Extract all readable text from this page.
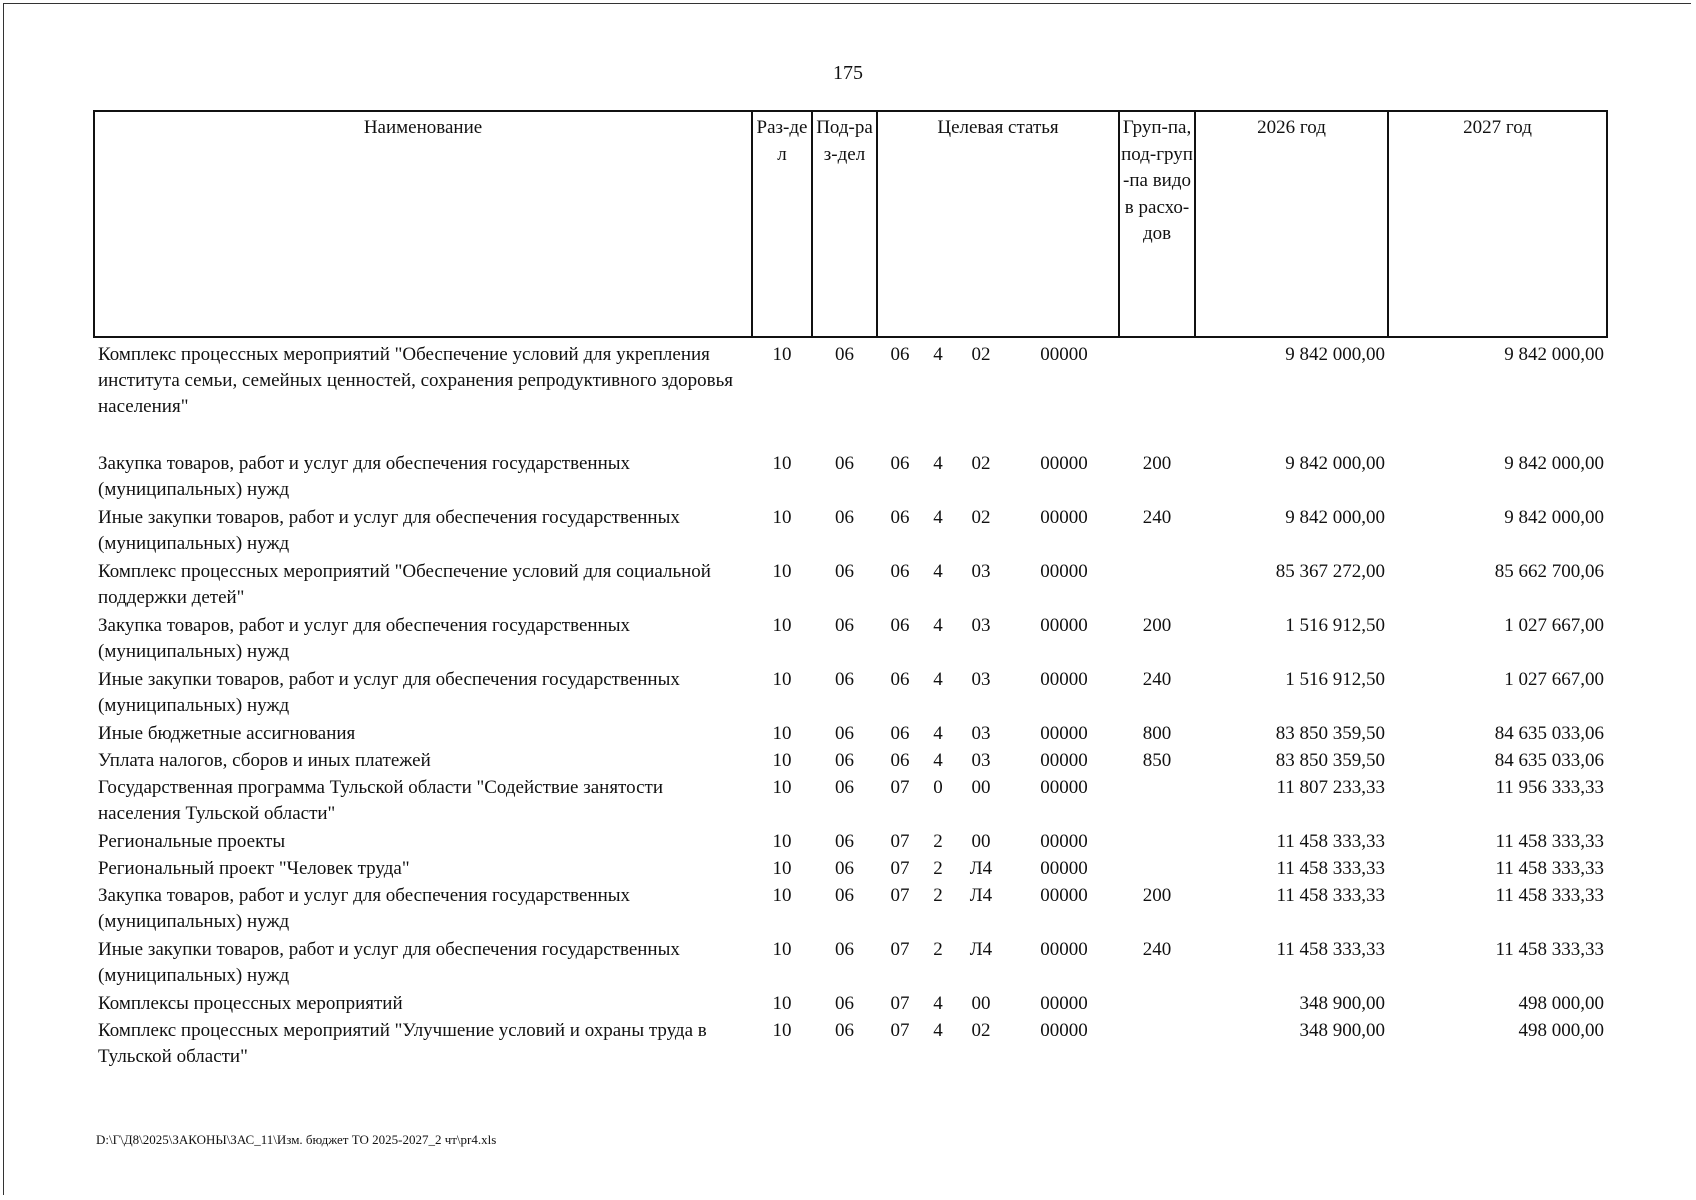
175
Наименование	Раз-дел	Под-раз-дел	Целевая статья				Груп-па, под-груп-па видов расхо-дов	2026 год	2027 год
Комплекс процессных мероприятий "Обеспечение условий для укрепления института семьи, семейных ценностей, сохранения репродуктивного здоровья населения"	10	06	06	4	02	00000		9 842 000,00	9 842 000,00
Закупка товаров, работ и услуг для обеспечения государственных (муниципальных) нужд	10	06	06	4	02	00000	200	9 842 000,00	9 842 000,00
Иные закупки товаров, работ и услуг для обеспечения государственных (муниципальных) нужд	10	06	06	4	02	00000	240	9 842 000,00	9 842 000,00
Комплекс процессных мероприятий "Обеспечение условий для социальной поддержки детей"	10	06	06	4	03	00000		85 367 272,00	85 662 700,06
Закупка товаров, работ и услуг для обеспечения государственных (муниципальных) нужд	10	06	06	4	03	00000	200	1 516 912,50	1 027 667,00
Иные закупки товаров, работ и услуг для обеспечения государственных (муниципальных) нужд	10	06	06	4	03	00000	240	1 516 912,50	1 027 667,00
Иные бюджетные ассигнования	10	06	06	4	03	00000	800	83 850 359,50	84 635 033,06
Уплата налогов, сборов и иных платежей	10	06	06	4	03	00000	850	83 850 359,50	84 635 033,06
Государственная программа Тульской области "Содействие занятости населения Тульской области"	10	06	07	0	00	00000		11 807 233,33	11 956 333,33
Региональные проекты	10	06	07	2	00	00000		11 458 333,33	11 458 333,33
Региональный проект "Человек труда"	10	06	07	2	Л4	00000		11 458 333,33	11 458 333,33
Закупка товаров, работ и услуг для обеспечения государственных (муниципальных) нужд	10	06	07	2	Л4	00000	200	11 458 333,33	11 458 333,33
Иные закупки товаров, работ и услуг для обеспечения государственных (муниципальных) нужд	10	06	07	2	Л4	00000	240	11 458 333,33	11 458 333,33
Комплексы процессных мероприятий	10	06	07	4	00	00000		348 900,00	498 000,00
Комплекс процессных мероприятий "Улучшение условий и охраны труда в Тульской области"	10	06	07	4	02	00000		348 900,00	498 000,00
D:\Г\Д8\2025\ЗАКОНЫ\ЗАС_11\Изм. бюджет ТО 2025-2027_2 чт\pr4.xls
